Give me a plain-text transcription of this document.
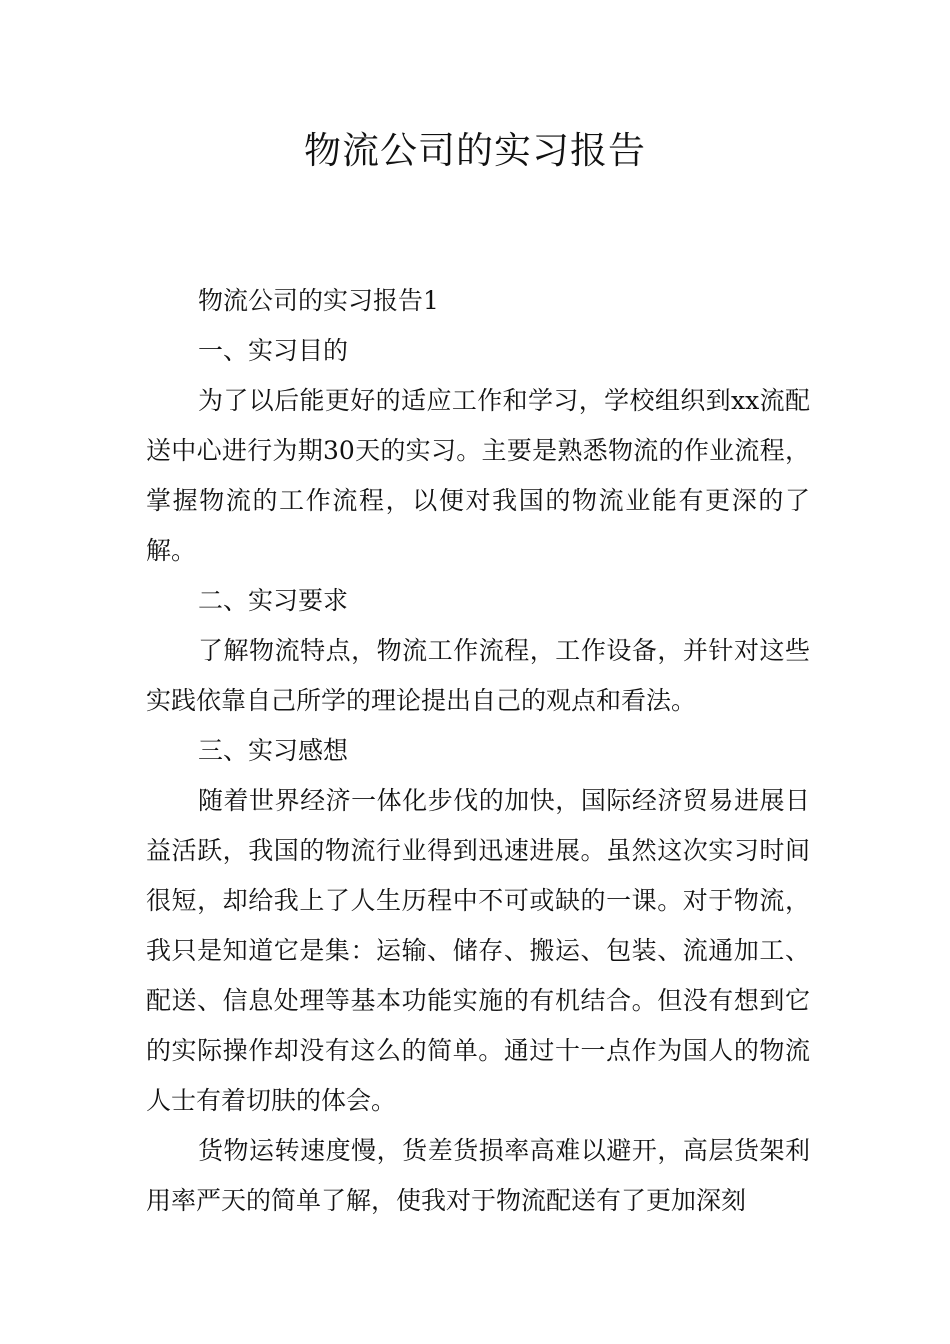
物流公司的实习报告

物流公司的实习报告1

一、实习目的

为了以后能更好的适应工作和学习，学校组织到xx流配送中心进行为期30天的实习。主要是熟悉物流的作业流程，掌握物流的工作流程，以便对我国的物流业能有更深的了解。

二、实习要求

了解物流特点，物流工作流程，工作设备，并针对这些实践依靠自己所学的理论提出自己的观点和看法。

三、实习感想

随着世界经济一体化步伐的加快，国际经济贸易进展日益活跃，我国的物流行业得到迅速进展。虽然这次实习时间很短，却给我上了人生历程中不可或缺的一课。对于物流，我只是知道它是集：运输、储存、搬运、包装、流通加工、配送、信息处理等基本功能实施的有机结合。但没有想到它的实际操作却没有这么的简单。通过十一点作为国人的物流人士有着切肤的体会。

货物运转速度慢，货差货损率高难以避开，高层货架利用率严天的简单了解，使我对于物流配送有了更加深刻
